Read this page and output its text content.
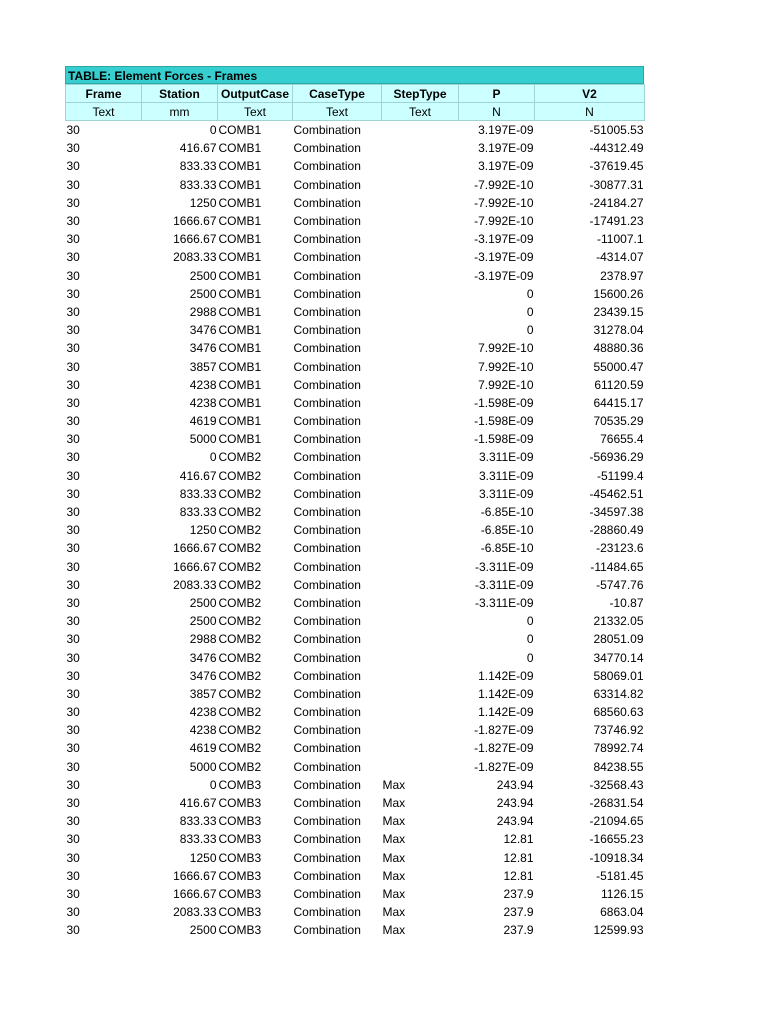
TABLE: Element Forces - Frames
Frame	Station	OutputCase	CaseType	StepType	P	V2
Text	mm	Text	Text	Text	N	N
30	0	COMB1	Combination		3.197E-09	-51005.53
30	416.67	COMB1	Combination		3.197E-09	-44312.49
30	833.33	COMB1	Combination		3.197E-09	-37619.45
30	833.33	COMB1	Combination		-7.992E-10	-30877.31
30	1250	COMB1	Combination		-7.992E-10	-24184.27
30	1666.67	COMB1	Combination		-7.992E-10	-17491.23
30	1666.67	COMB1	Combination		-3.197E-09	-11007.1
30	2083.33	COMB1	Combination		-3.197E-09	-4314.07
30	2500	COMB1	Combination		-3.197E-09	2378.97
30	2500	COMB1	Combination		0	15600.26
30	2988	COMB1	Combination		0	23439.15
30	3476	COMB1	Combination		0	31278.04
30	3476	COMB1	Combination		7.992E-10	48880.36
30	3857	COMB1	Combination		7.992E-10	55000.47
30	4238	COMB1	Combination		7.992E-10	61120.59
30	4238	COMB1	Combination		-1.598E-09	64415.17
30	4619	COMB1	Combination		-1.598E-09	70535.29
30	5000	COMB1	Combination		-1.598E-09	76655.4
30	0	COMB2	Combination		3.311E-09	-56936.29
30	416.67	COMB2	Combination		3.311E-09	-51199.4
30	833.33	COMB2	Combination		3.311E-09	-45462.51
30	833.33	COMB2	Combination		-6.85E-10	-34597.38
30	1250	COMB2	Combination		-6.85E-10	-28860.49
30	1666.67	COMB2	Combination		-6.85E-10	-23123.6
30	1666.67	COMB2	Combination		-3.311E-09	-11484.65
30	2083.33	COMB2	Combination		-3.311E-09	-5747.76
30	2500	COMB2	Combination		-3.311E-09	-10.87
30	2500	COMB2	Combination		0	21332.05
30	2988	COMB2	Combination		0	28051.09
30	3476	COMB2	Combination		0	34770.14
30	3476	COMB2	Combination		1.142E-09	58069.01
30	3857	COMB2	Combination		1.142E-09	63314.82
30	4238	COMB2	Combination		1.142E-09	68560.63
30	4238	COMB2	Combination		-1.827E-09	73746.92
30	4619	COMB2	Combination		-1.827E-09	78992.74
30	5000	COMB2	Combination		-1.827E-09	84238.55
30	0	COMB3	Combination	Max	243.94	-32568.43
30	416.67	COMB3	Combination	Max	243.94	-26831.54
30	833.33	COMB3	Combination	Max	243.94	-21094.65
30	833.33	COMB3	Combination	Max	12.81	-16655.23
30	1250	COMB3	Combination	Max	12.81	-10918.34
30	1666.67	COMB3	Combination	Max	12.81	-5181.45
30	1666.67	COMB3	Combination	Max	237.9	1126.15
30	2083.33	COMB3	Combination	Max	237.9	6863.04
30	2500	COMB3	Combination	Max	237.9	12599.93
